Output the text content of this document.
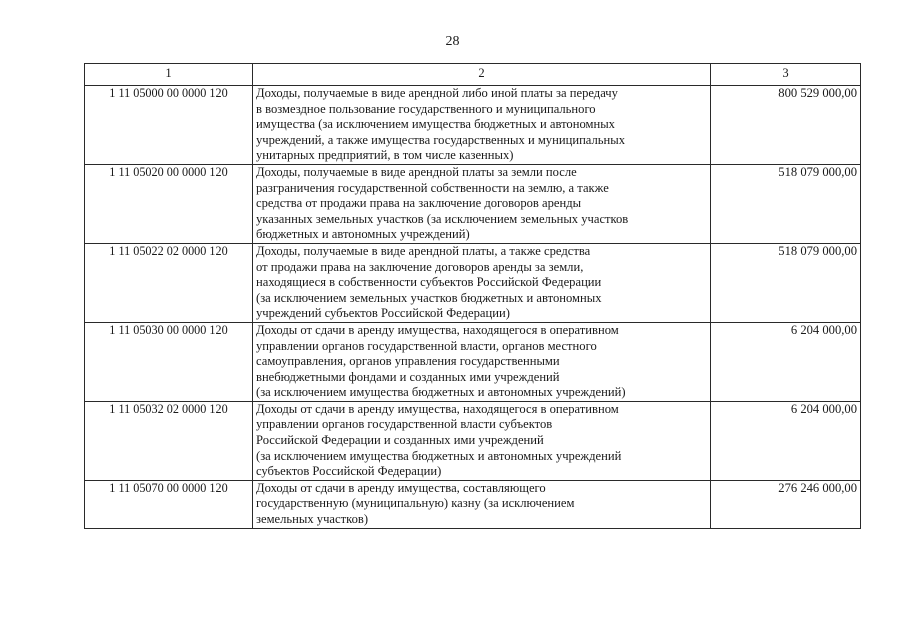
28
1	2	3
1 11 05000 00 0000 120	Доходы, получаемые в виде арендной либо иной платы за передачу
в возмездное пользование государственного и муниципального
имущества (за исключением имущества бюджетных и автономных
учреждений, а также имущества государственных и муниципальных
унитарных предприятий, в том числе казенных)	800 529 000,00
1 11 05020 00 0000 120	Доходы, получаемые в виде арендной платы за земли после
разграничения государственной собственности на землю, а также
средства от продажи права на заключение договоров аренды
указанных земельных участков (за исключением земельных участков
бюджетных и автономных учреждений)	518 079 000,00
1 11 05022 02 0000 120	Доходы, получаемые в виде арендной платы, а также средства
от продажи права на заключение договоров аренды за земли,
находящиеся в собственности субъектов Российской Федерации
(за исключением земельных участков бюджетных и автономных
учреждений субъектов Российской Федерации)	518 079 000,00
1 11 05030 00 0000 120	Доходы от сдачи в аренду имущества, находящегося в оперативном
управлении органов государственной власти, органов местного
самоуправления, органов управления государственными
внебюджетными фондами и созданных ими учреждений
(за исключением имущества бюджетных и автономных учреждений)	6 204 000,00
1 11 05032 02 0000 120	Доходы от сдачи в аренду имущества, находящегося в оперативном
управлении органов государственной власти субъектов
Российской Федерации и созданных ими учреждений
(за исключением имущества бюджетных и автономных учреждений
субъектов Российской Федерации)	6 204 000,00
1 11 05070 00 0000 120	Доходы от сдачи в аренду имущества, составляющего
государственную (муниципальную) казну (за исключением
земельных участков)	276 246 000,00
